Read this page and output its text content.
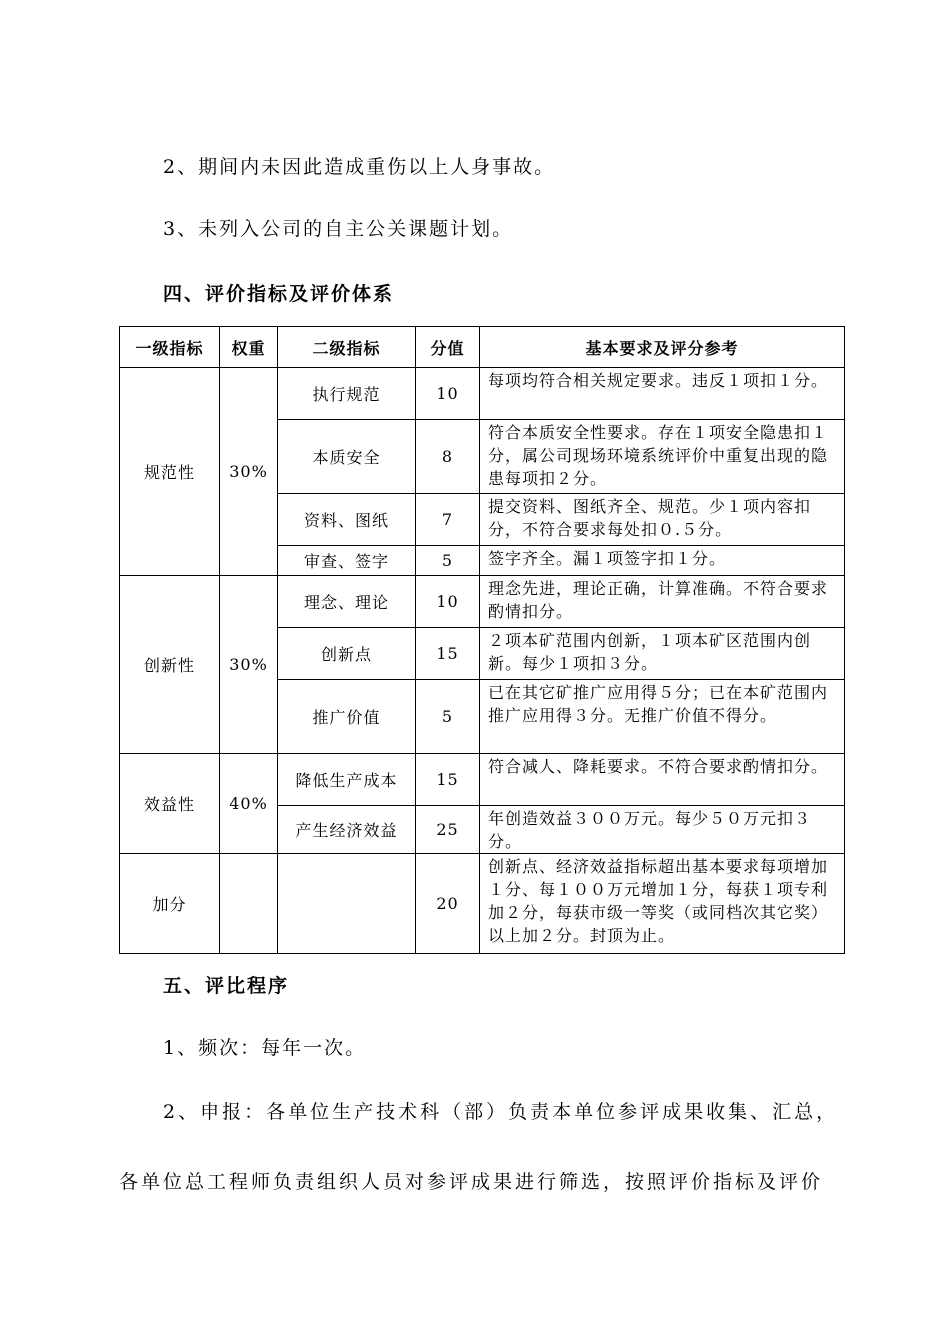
2、期间内未因此造成重伤以上人身事故。
3、未列入公司的自主公关课题计划。
四、评价指标及评价体系
一级指标	权重	二级指标	分值	基本要求及评分参考
规范性	30%	执行规范	10	每项均符合相关规定要求。违反１项扣１分。
		本质安全	8	符合本质安全性要求。存在１项安全隐患扣１分，属公司现场环境系统评价中重复出现的隐患每项扣２分。
		资料、图纸	7	提交资料、图纸齐全、规范。少１项内容扣分，不符合要求每处扣０.５分。
		审查、签字	5	签字齐全。漏１项签字扣１分。
创新性	30%	理念、理论	10	理念先进，理论正确，计算准确。不符合要求酌情扣分。
		创新点	15	２项本矿范围内创新，１项本矿区范围内创新。每少１项扣３分。
		推广价值	5	已在其它矿推广应用得５分；已在本矿范围内推广应用得３分。无推广价值不得分。
效益性	40%	降低生产成本	15	符合减人、降耗要求。不符合要求酌情扣分。
		产生经济效益	25	年创造效益３００万元。每少５０万元扣３分。
加分			20	创新点、经济效益指标超出基本要求每项增加１分、每１００万元增加１分，每获１项专利加２分，每获市级一等奖（或同档次其它奖）以上加２分。封顶为止。
五、评比程序
1、频次：每年一次。
2、申报：各单位生产技术科（部）负责本单位参评成果收集、汇总，
各单位总工程师负责组织人员对参评成果进行筛选，按照评价指标及评价
